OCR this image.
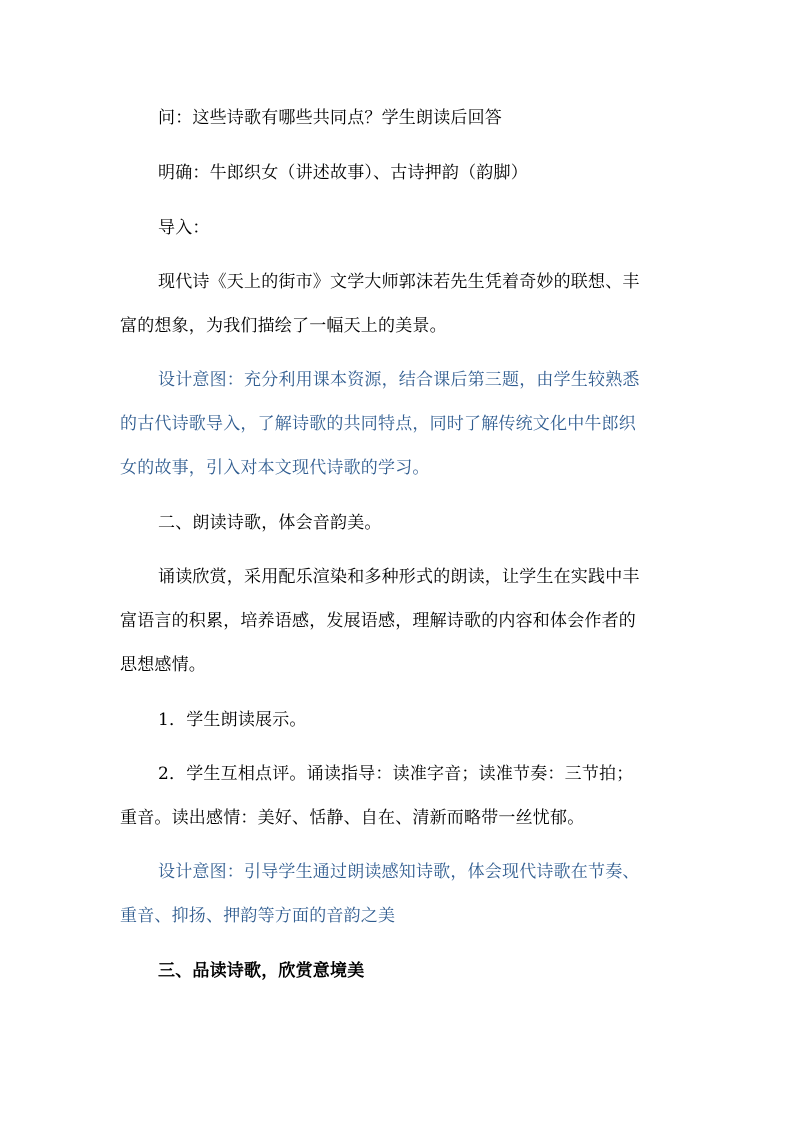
问：这些诗歌有哪些共同点？学生朗读后回答
明确：牛郎织女（讲述故事）、古诗押韵（韵脚）
导入：
现代诗《天上的街市》文学大师郭沫若先生凭着奇妙的联想、丰
富的想象，为我们描绘了一幅天上的美景。
设计意图：充分利用课本资源，结合课后第三题，由学生较熟悉
的古代诗歌导入，了解诗歌的共同特点，同时了解传统文化中牛郎织
女的故事，引入对本文现代诗歌的学习。
二、朗读诗歌，体会音韵美。
诵读欣赏，采用配乐渲染和多种形式的朗读，让学生在实践中丰
富语言的积累，培养语感，发展语感，理解诗歌的内容和体会作者的
思想感情。
1．学生朗读展示。
2．学生互相点评。诵读指导：读准字音；读准节奏：三节拍；
重音。读出感情：美好、恬静、自在、清新而略带一丝忧郁。
设计意图：引导学生通过朗读感知诗歌，体会现代诗歌在节奏、
重音、抑扬、押韵等方面的音韵之美
三、品读诗歌，欣赏意境美
